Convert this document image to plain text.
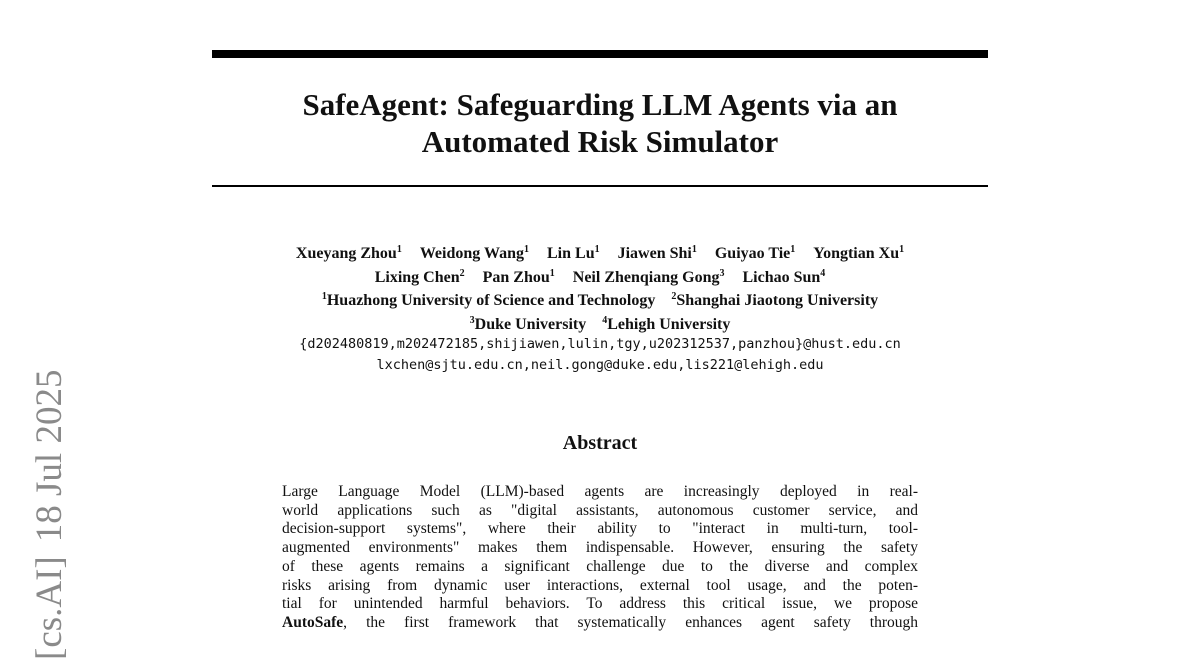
SafeAgent: Safeguarding LLM Agents via an
Automated Risk Simulator
Xueyang Zhou$^1$ Weidong Wang$^1$ Lin Lu$^1$ Jiawen Shi$^1$ Guiyao Tie$^1$ Yongtian Xu$^1$
Lixing Chen$^2$ Pan Zhou$^1$ Neil Zhenqiang Gong$^3$ Lichao Sun$^4$
$^1$Huazhong University of Science and Technology $^2$Shanghai Jiaotong University
$^3$Duke University $^4$Lehigh University
{d202480819,m202472185,shijiawen,lulin,tgy,u202312537,panzhou}@hust.edu.cn
lxchen@sjtu.edu.cn,neil.gong@duke.edu,lis221@lehigh.edu
Abstract
Large Language Model (LLM)-based agents are increasingly deployed in real-
world applications such as "digital assistants, autonomous customer service, and
decision-support systems", where their ability to "interact in multi-turn, tool-
augmented environments" makes them indispensable. However, ensuring the safety
of these agents remains a significant challenge due to the diverse and complex
risks arising from dynamic user interactions, external tool usage, and the poten-
tial for unintended harmful behaviors. To address this critical issue, we propose
AutoSafe, the first framework that systematically enhances agent safety through
[cs.AI]18 Jul 2025
